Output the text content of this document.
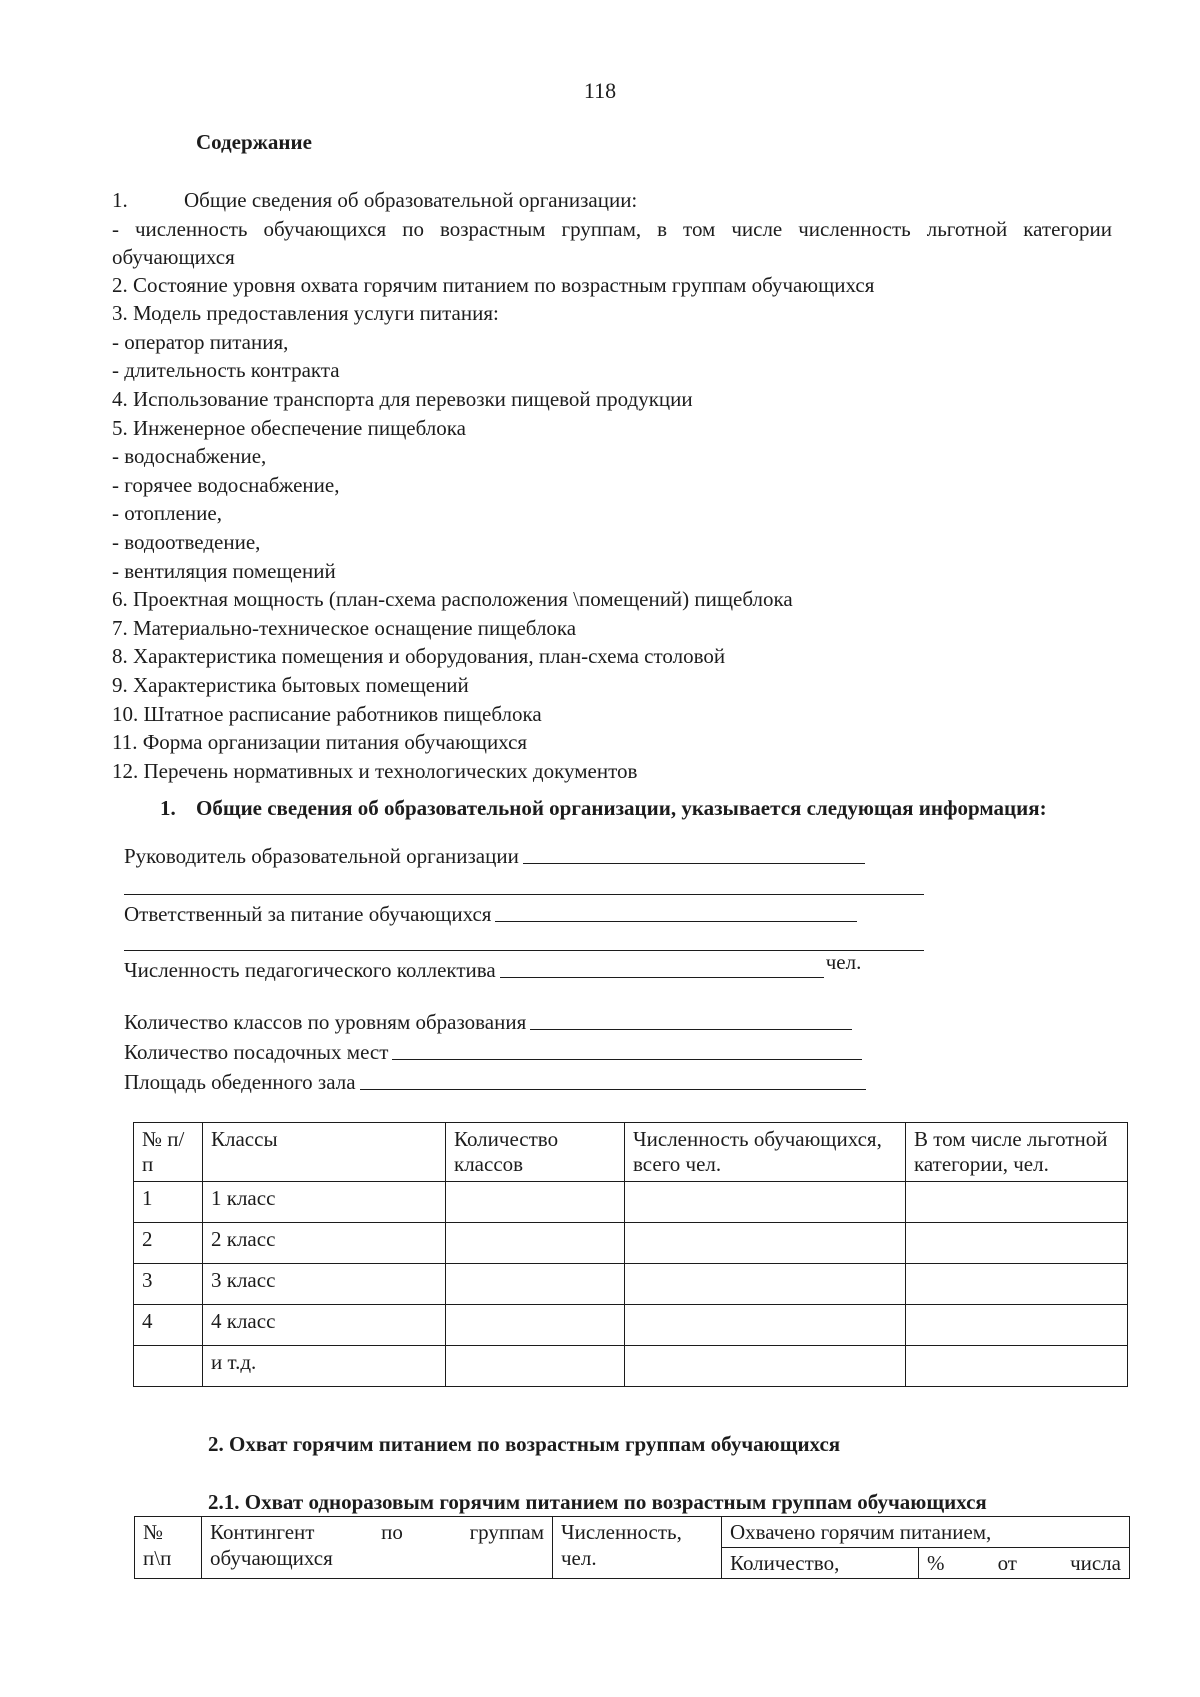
118
Содержание
1.	Общие сведения об образовательной организации:
- численность обучающихся по возрастным группам, в том числе численность льготной категории обучающихся
2. Состояние уровня охвата горячим питанием по возрастным группам обучающихся
3. Модель предоставления услуги питания:
- оператор питания,
- длительность контракта
4. Использование транспорта для перевозки пищевой продукции
5. Инженерное обеспечение пищеблока
- водоснабжение,
- горячее водоснабжение,
- отопление,
- водоотведение,
- вентиляция помещений
6. Проектная мощность (план-схема расположения \помещений) пищеблока
7. Материально-техническое оснащение пищеблока
8. Характеристика помещения и оборудования, план-схема столовой
9. Характеристика бытовых помещений
10. Штатное расписание работников пищеблока
11. Форма организации питания обучающихся
12. Перечень нормативных и технологических документов
1. Общие сведения об образовательной организации, указывается следующая информация:
Руководитель образовательной организации
Ответственный за питание обучающихся
Численность педагогического коллектива	чел.
Количество классов по уровням образования
Количество посадочных мест
Площадь обеденного зала
№ п/п	Классы	Количество классов	Численность обучающихся, всего чел.	В том числе льготной категории, чел.
1	1 класс			
2	2 класс			
3	3 класс			
4	4 класс			
	и т.д.			
2. Охват горячим питанием по возрастным группам обучающихся
2.1. Охват одноразовым горячим питанием по возрастным группам обучающихся
№ п\п	Контингент по группам обучающихся	Численность, чел.	Охвачено горячим питанием,	
			Количество,	% от числа
